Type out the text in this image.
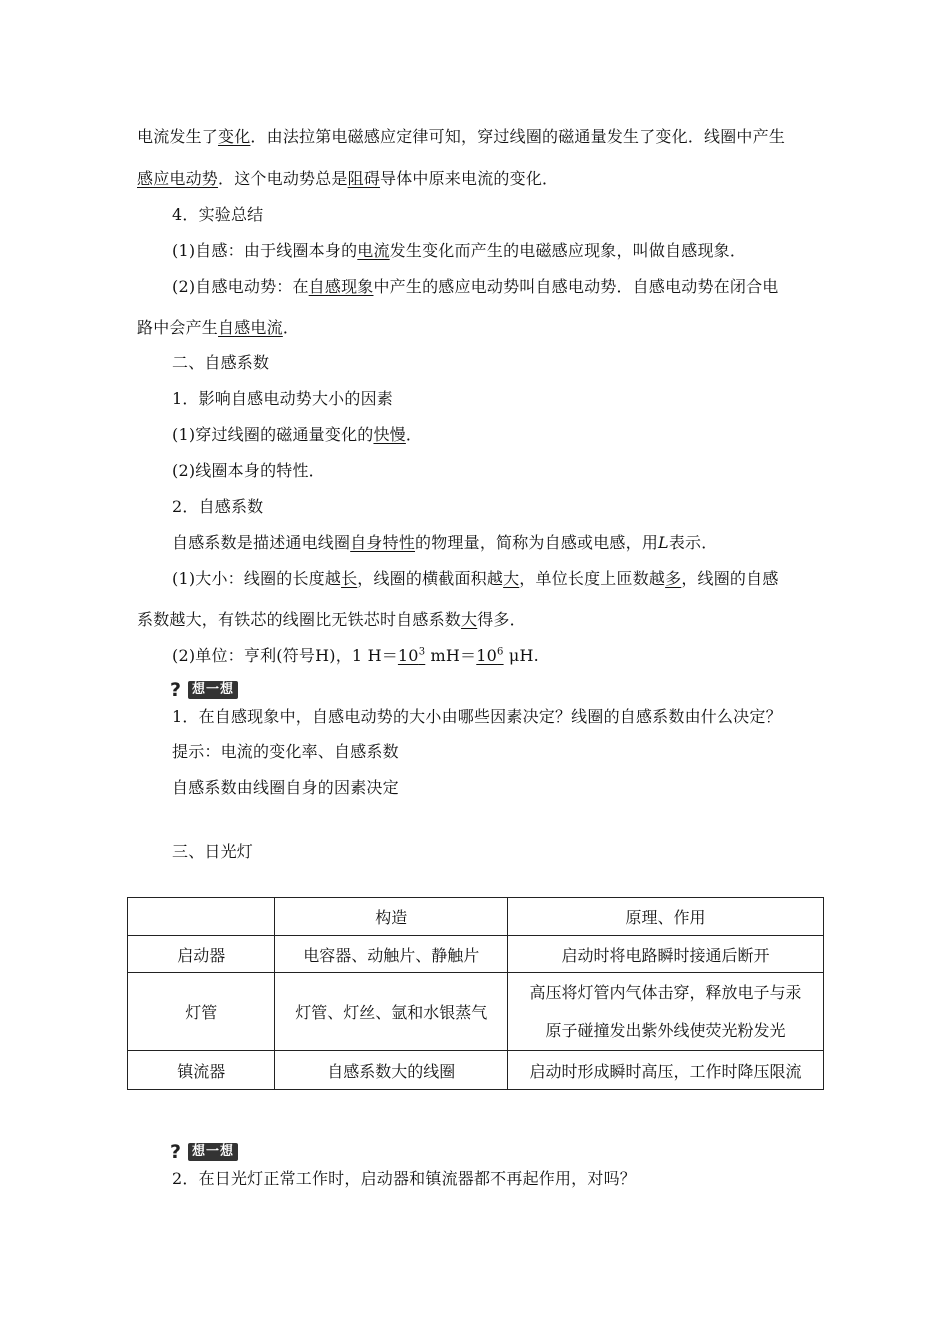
电流发生了变化．由法拉第电磁感应定律可知，穿过线圈的磁通量发生了变化．线圈中产生
感应电动势．这个电动势总是阻碍导体中原来电流的变化．
4．实验总结
(1)自感：由于线圈本身的电流发生变化而产生的电磁感应现象，叫做自感现象．
(2)自感电动势：在自感现象中产生的感应电动势叫自感电动势．自感电动势在闭合电
路中会产生自感电流．
二、自感系数
1．影响自感电动势大小的因素
(1)穿过线圈的磁通量变化的快慢．
(2)线圈本身的特性．
2．自感系数
自感系数是描述通电线圈自身特性的物理量，简称为自感或电感，用L表示．
(1)大小：线圈的长度越长，线圈的横截面积越大，单位长度上匝数越多，线圈的自感
系数越大，有铁芯的线圈比无铁芯时自感系数大得多．
(2)单位：亨利(符号H)，1 $H=10^3$ $mH=10^6$ μH.
? 想一想
1．在自感现象中，自感电动势的大小由哪些因素决定？线圈的自感系数由什么决定？
提示：电流的变化率、自感系数
自感系数由线圈自身的因素决定
三、日光灯
	构造	原理、作用
启动器	电容器、动触片、静触片	启动时将电路瞬时接通后断开
灯管	灯管、灯丝、氩和水银蒸气	高压将灯管内气体击穿，释放电子与汞
原子碰撞发出紫外线使荧光粉发光

镇流器	自感系数大的线圈	启动时形成瞬时高压，工作时降压限流
? 想一想
2．在日光灯正常工作时，启动器和镇流器都不再起作用，对吗？
